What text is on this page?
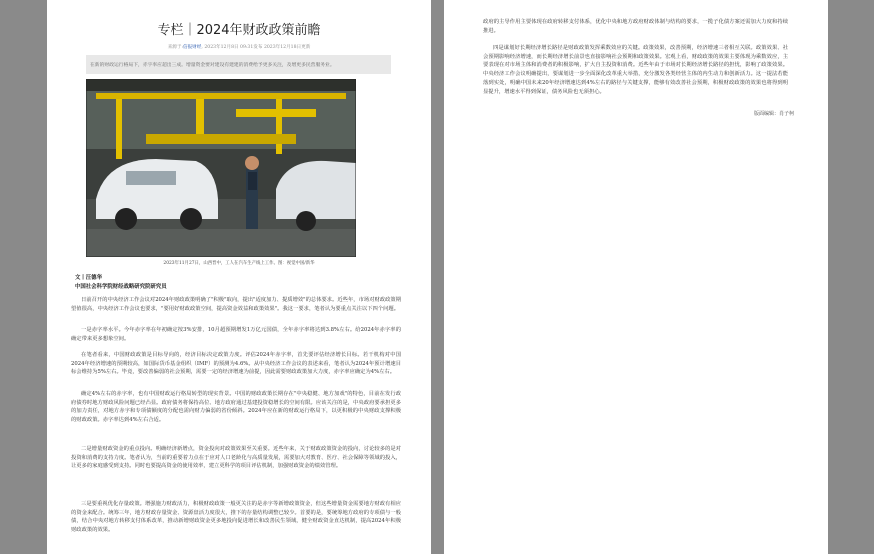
专栏｜2024年财政政策前瞻
来源于:信报财经, 2023年12月8日 09:31发布 2023年12月18日更新
在新的财政运行格局下，赤字率应超出三成。增量资金要对建设有建建的消费给予更多关注，及增更多民营服务业。
2023年11月27日，山西晋中，工人在汽车生产线上工作。图：视觉中国/新华
文丨汪德华
中国社会科学院财经战略研究院研究员
日前召开的中央经济工作会议对2024年财政政策明确了"积极"取向，提出"适度加力、提质增效"的总体要求。近些年，市场对财政政策期望值很高，中央经济工作会议也要求，"要用好财政政策空间，提高资金效益和政策效果"。我这一要求，笔者认为要重点关注以下四个问题。
一是赤字率水平。今年赤字率在年初确定按3%安排，10月超预期增发1万亿元国债，全年赤字率将达到3.8%左右。给2024年赤字率的确定带来更多想象空间。
在笔者看来，中国财政政策是目标导向的，经济目标决定政策力度。评估2024年赤字率，首先要评估经济增长目标。若干机构对中国2024年经济增速的预期较高，如国际货币基金组织（IMF）的预测为4.6%。从中央经济工作会议的表述来看，笔者认为2024年预计增速目标会维持为5%左右。毕竟，要改善偏弱的社会预期，需要一定的经济增速为前提，因此需要财政政策加大力度，赤字率应确定为4%左右。
确定4%左右的赤字率，也有中国财政运行格局转型的现实背景。中国的财政政策长期存在"中央稳健、地方加戏"的特色，目前在发行政府债券时地方财政风险问题已经凸显。政府债务将保持高位、地方政府通过基建投资稳增长的空间有限。应该关注的是，中央政府要承担更多的加力责任，对地方赤字和专项债额度的分配也需向财力偏弱的省份倾斜。2024年应在新的财政运行格局下，以更积极的中央财政支撑积极的财政政策。赤字率达到4%左右合适。
二是增量财政资金的重点投向。明确经济新增点，资金投向对政策效果至关重要。近些年来，关于财政政策资金的投向，讨论较多的是对投资和消费的支持力度。笔者认为，当前的重要着力点在于应对人口老龄化与高质量发展，需要加大对教育、医疗、社会保障等领域的投入，让更多的家庭感受到支持。同时也要提高资金的使用效率，建立更科学的项目评估机制，加强财政资金的绩效管理。
三是要重视优化存量政策。增强施力财政活力，积极财政政策一般更关注的是赤字等新增政策资金，但这些增量资金需要地方财政有相应的资金来配合。统筹三年，地方财政存量资金、资源盘活力度很大，推下的存量结构调整已较少。首要的是，要统筹地方政府的专项债与一般债，结合中央对地方转移支付体系改革，推动新增财政资金更多地投向促进增长和改善民生领域，健全财政资金直达机制，提高2024年积极财政政策的效果。
政府的主导作用主要体现在政府转移支付体系，优化中央和地方政府财政体制与结构的要求，一揽子化债方案还需加大力度和持续推进。
四是谋划好长期经济增长路径是财政政策发挥乘数效应的关键。政策效果，改善预期，经济增速三者相互关联。政策效果、社会预期影响经济增速，而长期经济增长前景也直接影响社会预期和政策效果。宏观上看，财政政策的效果主要体现为乘数效应，主要表现在对市场主体和消费者的积极影响，扩大自主投资和消费。近些年由于市场对长期经济增长路径的担忧，影响了政策效果。中央经济工作会议明确提出，要谋划进一步全面深化改革重大举措，充分激发各类经营主体的内生动力和创新活力。这一提法若能落到实处，明确中国未来20年经济增速达到4%左右的路径与关键支撑，能够有效改善社会预期，积极财政政策的效果也将得到明显提升，增速水平得到保证，债务风险也无须担心。
版面编辑：肖子柯
